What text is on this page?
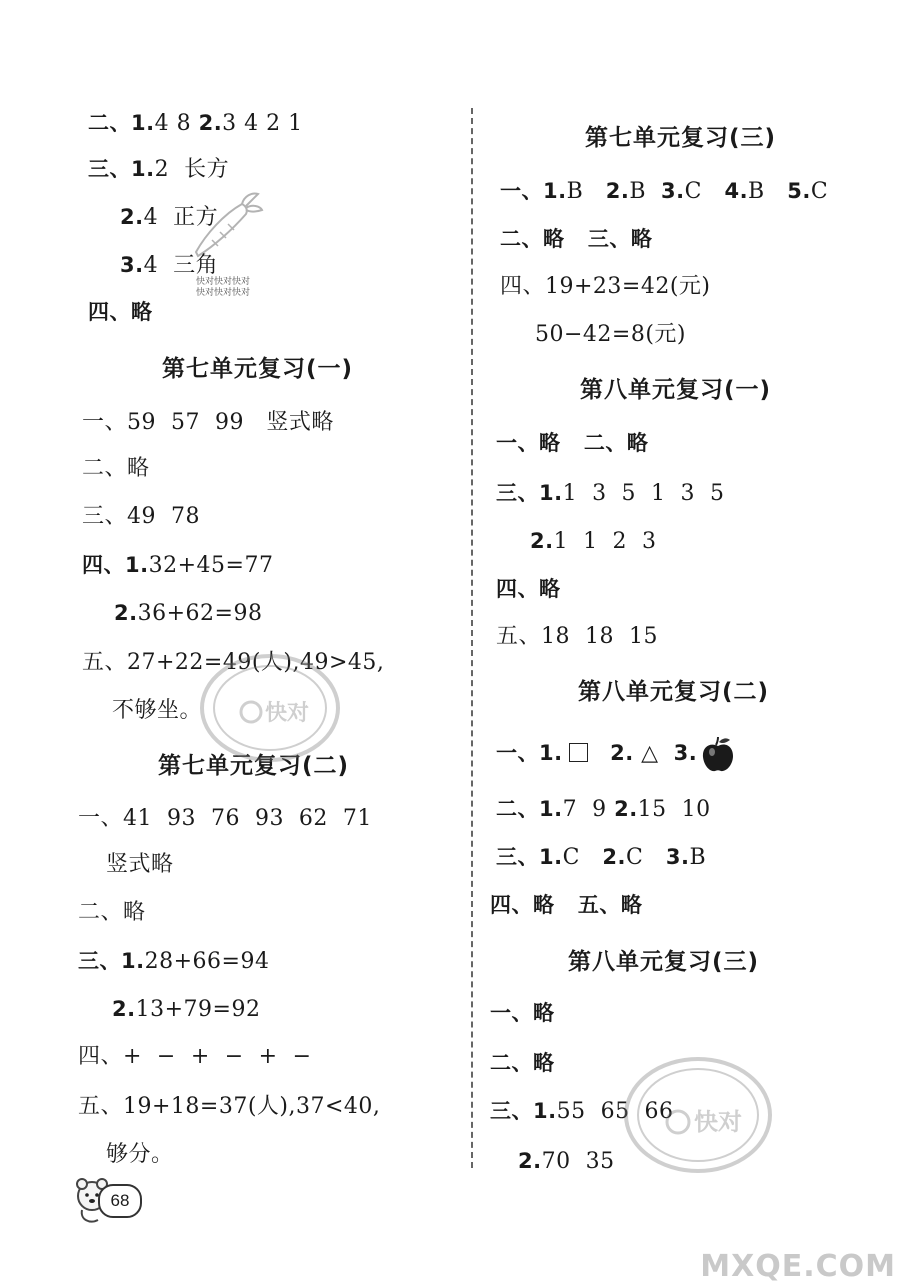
二、1.4 8 2.3 4 2 1
三、1.2  长方
2.4  正方
3.4  三角
四、略
第七单元复习(一)
一、59  57  99   竖式略
二、略
三、49  78
四、1.32+45=77
2.36+62=98
五、27+22=49(人),49>45,
不够坐。
第七单元复习(二)
一、41  93  76  93  62  71
竖式略
二、略
三、1.28+66=94
2.13+79=92
四、+  −  +  −  +  −
五、19+18=37(人),37<40,
够分。
第七单元复习(三)
一、1.B   2.B  3.C   4.B   5.C
二、略   三、略
四、19+23=42(元)
50−42=8(元)
第八单元复习(一)
一、略   二、略
三、1.1  3  5  1  3  5
2.1  1  2  3
四、略
五、18  18  15
第八单元复习(二)
一、1. 2. △ 3.
二、1.7  9 2.15  10
三、1.C   2.C   3.B
四、略   五、略
第八单元复习(三)
一、略
二、略
三、1.55  65  66
2.70  35
快对快对快对
快对快对快对
快对
快对
68
MXQE.COM
